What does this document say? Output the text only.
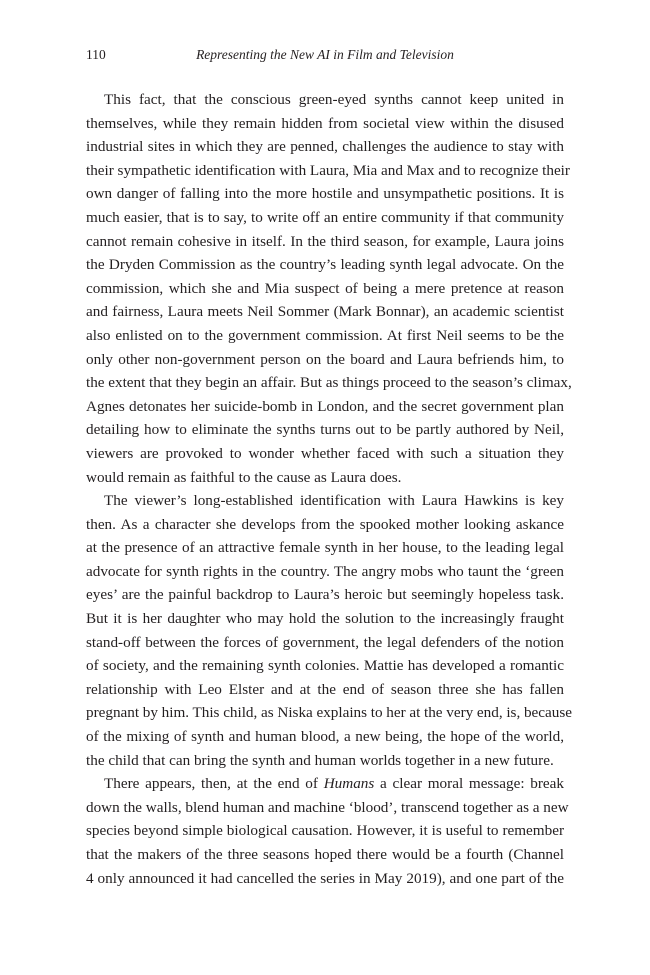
110	Representing the New AI in Film and Television
This fact, that the conscious green-eyed synths cannot keep united in
themselves, while they remain hidden from societal view within the disused
industrial sites in which they are penned, challenges the audience to stay with
their sympathetic identification with Laura, Mia and Max and to recognize their
own danger of falling into the more hostile and unsympathetic positions. It is
much easier, that is to say, to write off an entire community if that community
cannot remain cohesive in itself. In the third season, for example, Laura joins
the Dryden Commission as the country’s leading synth legal advocate. On the
commission, which she and Mia suspect of being a mere pretence at reason
and fairness, Laura meets Neil Sommer (Mark Bonnar), an academic scientist
also enlisted on to the government commission. At first Neil seems to be the
only other non-government person on the board and Laura befriends him, to
the extent that they begin an affair. But as things proceed to the season’s climax,
Agnes detonates her suicide-bomb in London, and the secret government plan
detailing how to eliminate the synths turns out to be partly authored by Neil,
viewers are provoked to wonder whether faced with such a situation they
would remain as faithful to the cause as Laura does.
The viewer’s long-established identification with Laura Hawkins is key
then. As a character she develops from the spooked mother looking askance
at the presence of an attractive female synth in her house, to the leading legal
advocate for synth rights in the country. The angry mobs who taunt the ‘green
eyes’ are the painful backdrop to Laura’s heroic but seemingly hopeless task.
But it is her daughter who may hold the solution to the increasingly fraught
stand-off between the forces of government, the legal defenders of the notion
of society, and the remaining synth colonies. Mattie has developed a romantic
relationship with Leo Elster and at the end of season three she has fallen
pregnant by him. This child, as Niska explains to her at the very end, is, because
of the mixing of synth and human blood, a new being, the hope of the world,
the child that can bring the synth and human worlds together in a new future.
There appears, then, at the end of Humans a clear moral message: break
down the walls, blend human and machine ‘blood’, transcend together as a new
species beyond simple biological causation. However, it is useful to remember
that the makers of the three seasons hoped there would be a fourth (Channel
4 only announced it had cancelled the series in May 2019), and one part of the
